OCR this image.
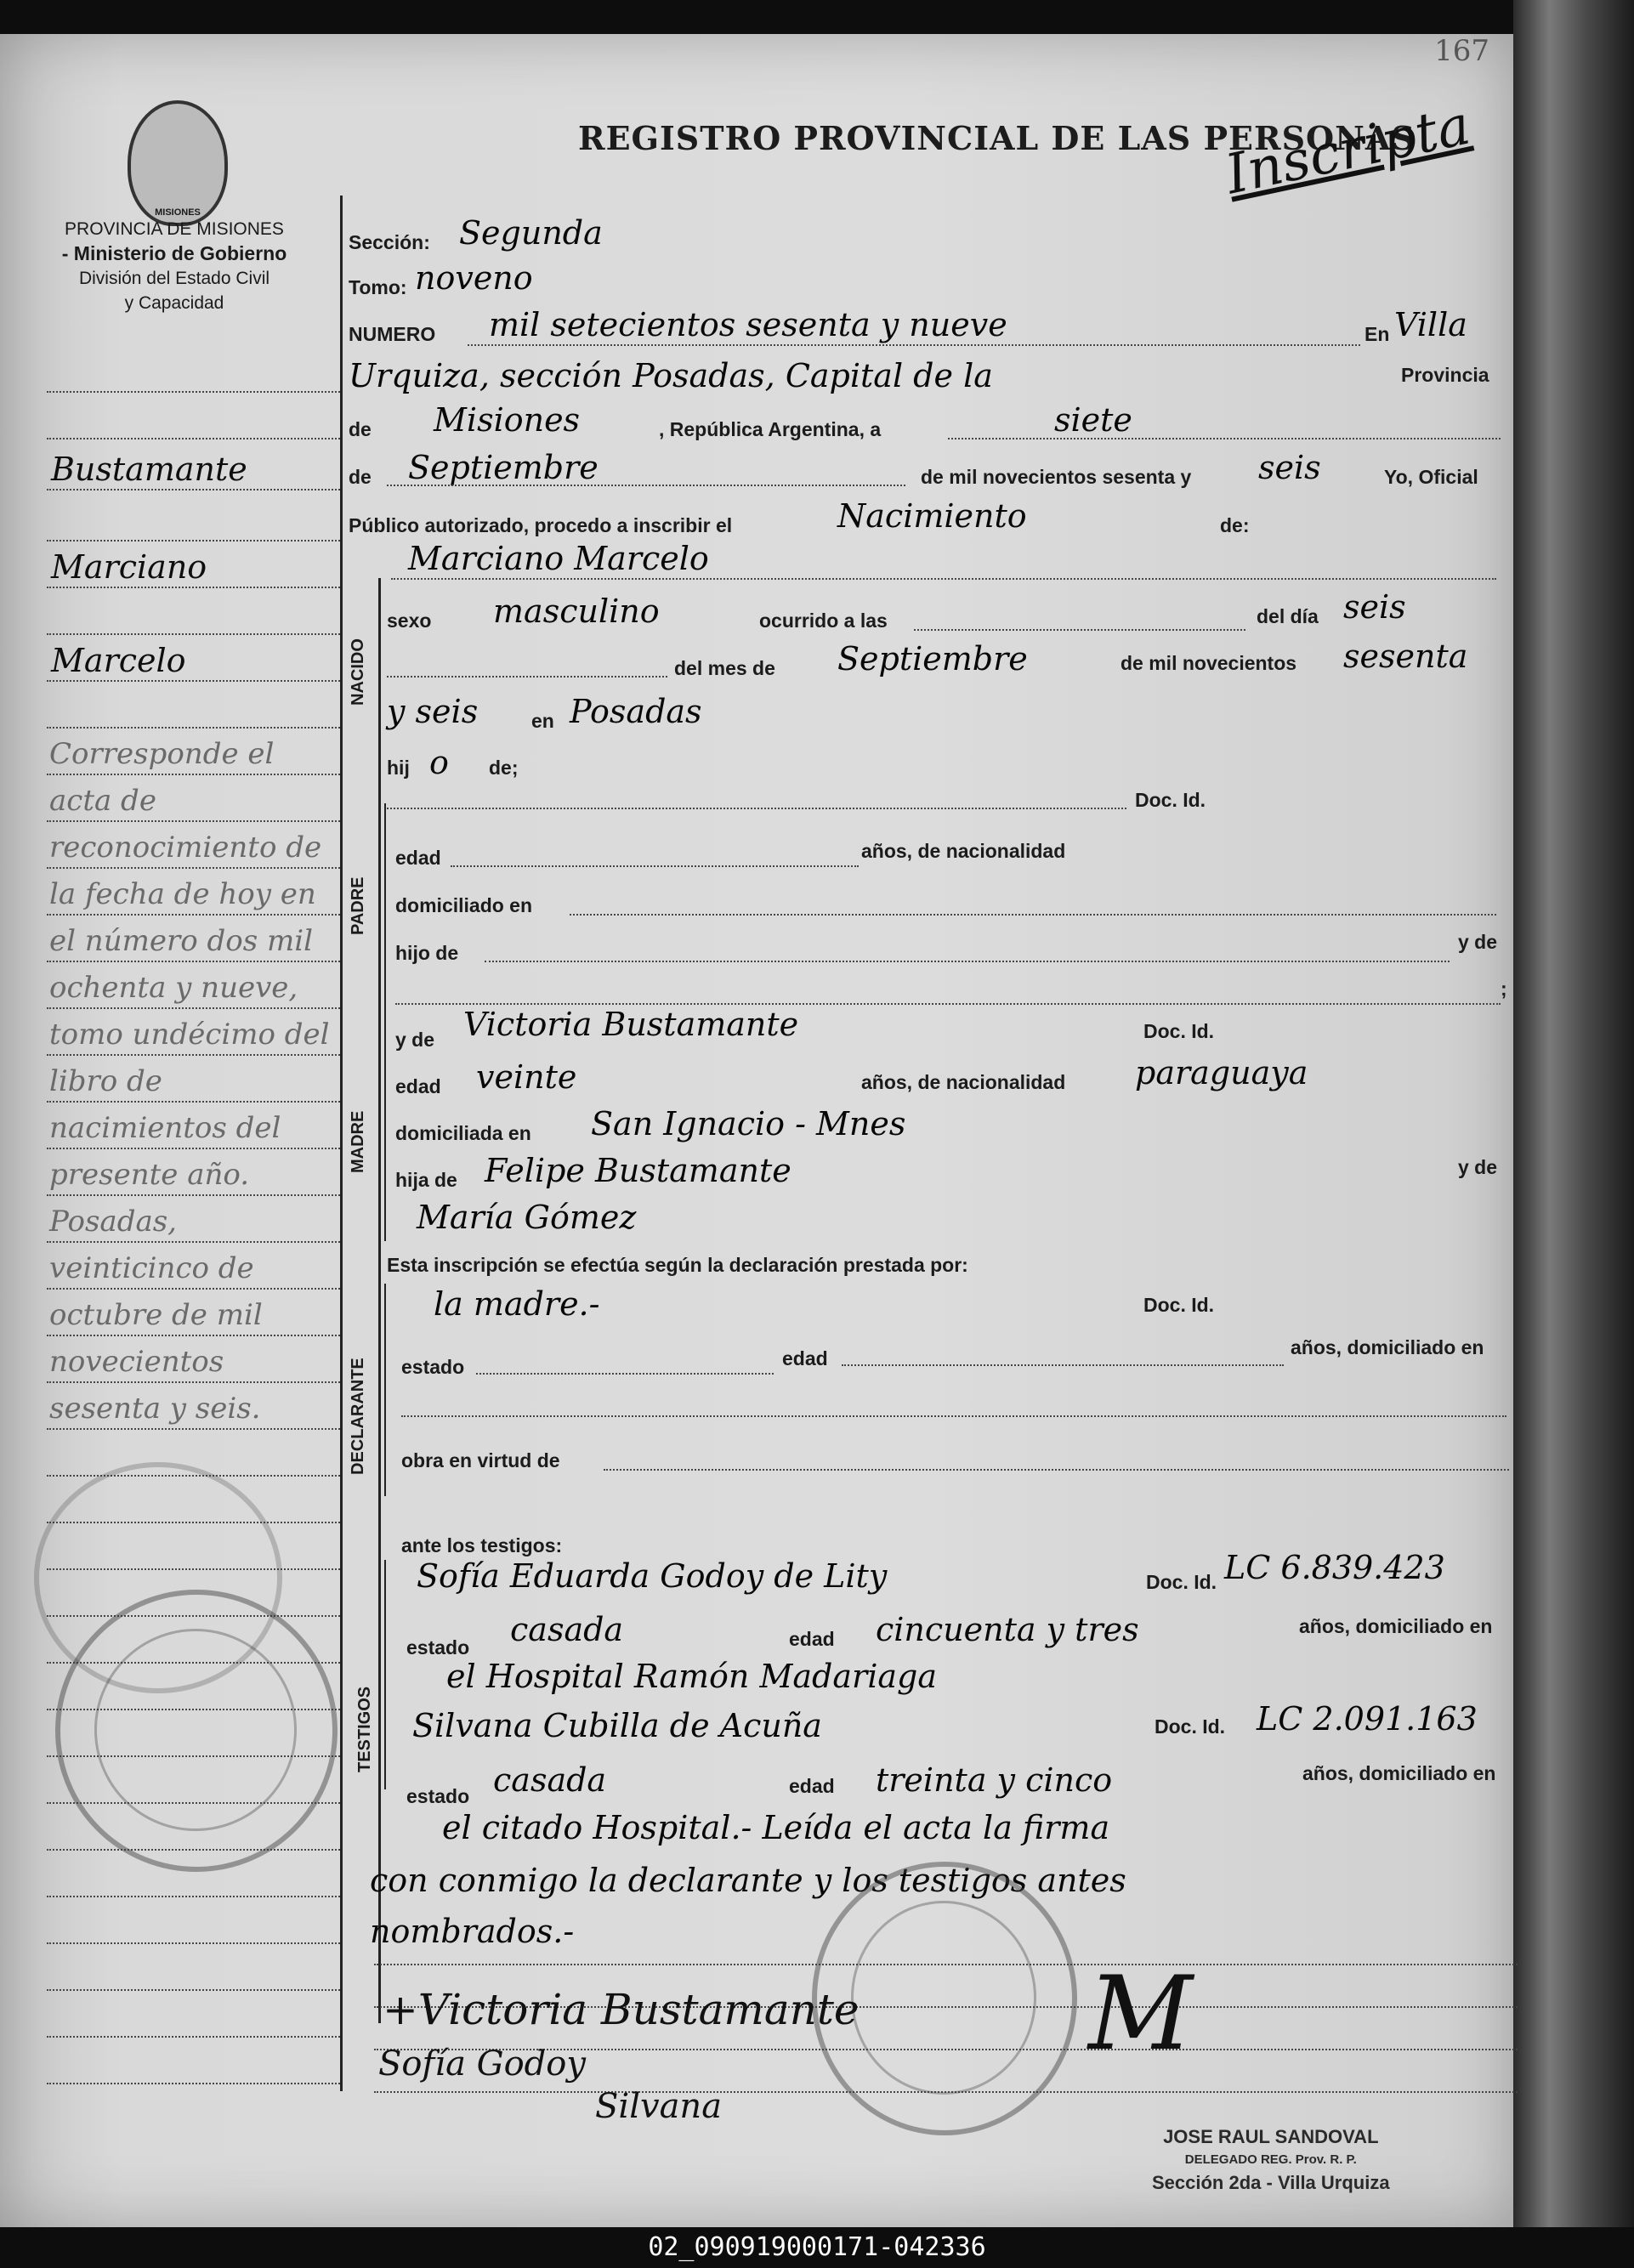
167
MISIONES
PROVINCIA DE MISIONES
- Ministerio de Gobierno
División del Estado Civil
y Capacidad
REGISTRO PROVINCIAL DE LAS PERSONAS
Inscripta
Bustamante
Marciano
Marcelo
Corresponde el acta de reconocimiento de la fecha de hoy en el número dos mil ochenta y nueve, tomo undécimo del libro de nacimientos del presente año. Posadas, veinticinco de octubre de mil novecientos sesenta y seis.
Sección: Segunda
Tomo: noveno
NUMERO mil setecientos sesenta y nueve	En Villa
Urquiza, sección Posadas, Capital de la	Provincia
de Misiones	, República Argentina, a	siete
de Septiembre	de mil novecientos sesenta y seis	Yo, Oficial
Público autorizado, procedo a inscribir el	Nacimiento	de:
Marciano Marcelo
NACIDO
sexo masculino	ocurrido a las	del día seis
del mes de Septiembre	de mil novecientos sesenta
y seis	en Posadas
hij o de;
Doc. Id.
PADRE
edad	años, de nacionalidad
domiciliado en
hijo de	y de
;
MADRE
y de Victoria Bustamante	Doc. Id.
edad veinte	años, de nacionalidad paraguaya
domiciliada en San Ignacio - Mnes
hija de Felipe Bustamante	y de
María Gómez
Esta inscripción se efectúa según la declaración prestada por:
DECLARANTE
la madre.-	Doc. Id.
estado	edad	años, domiciliado en
obra en virtud de
ante los testigos:
TESTIGOS
Sofía Eduarda Godoy de Lity	Doc. Id. LC 6.839.423
estado casada	edad cincuenta y tres	años, domiciliado en
el Hospital Ramón Madariaga
Silvana Cubilla de Acuña	Doc. Id. LC 2.091.163
estado casada	edad treinta y cinco	años, domiciliado en
el citado Hospital.- Leída el acta la firma
con conmigo la declarante y los testigos antes
nombrados.-
+Victoria Bustamante
Sofía Godoy
Silvana
M
JOSE RAUL SANDOVAL
DELEGADO REG. Prov. R. P.
Sección 2da - Villa Urquiza
02_090919000171-042336
